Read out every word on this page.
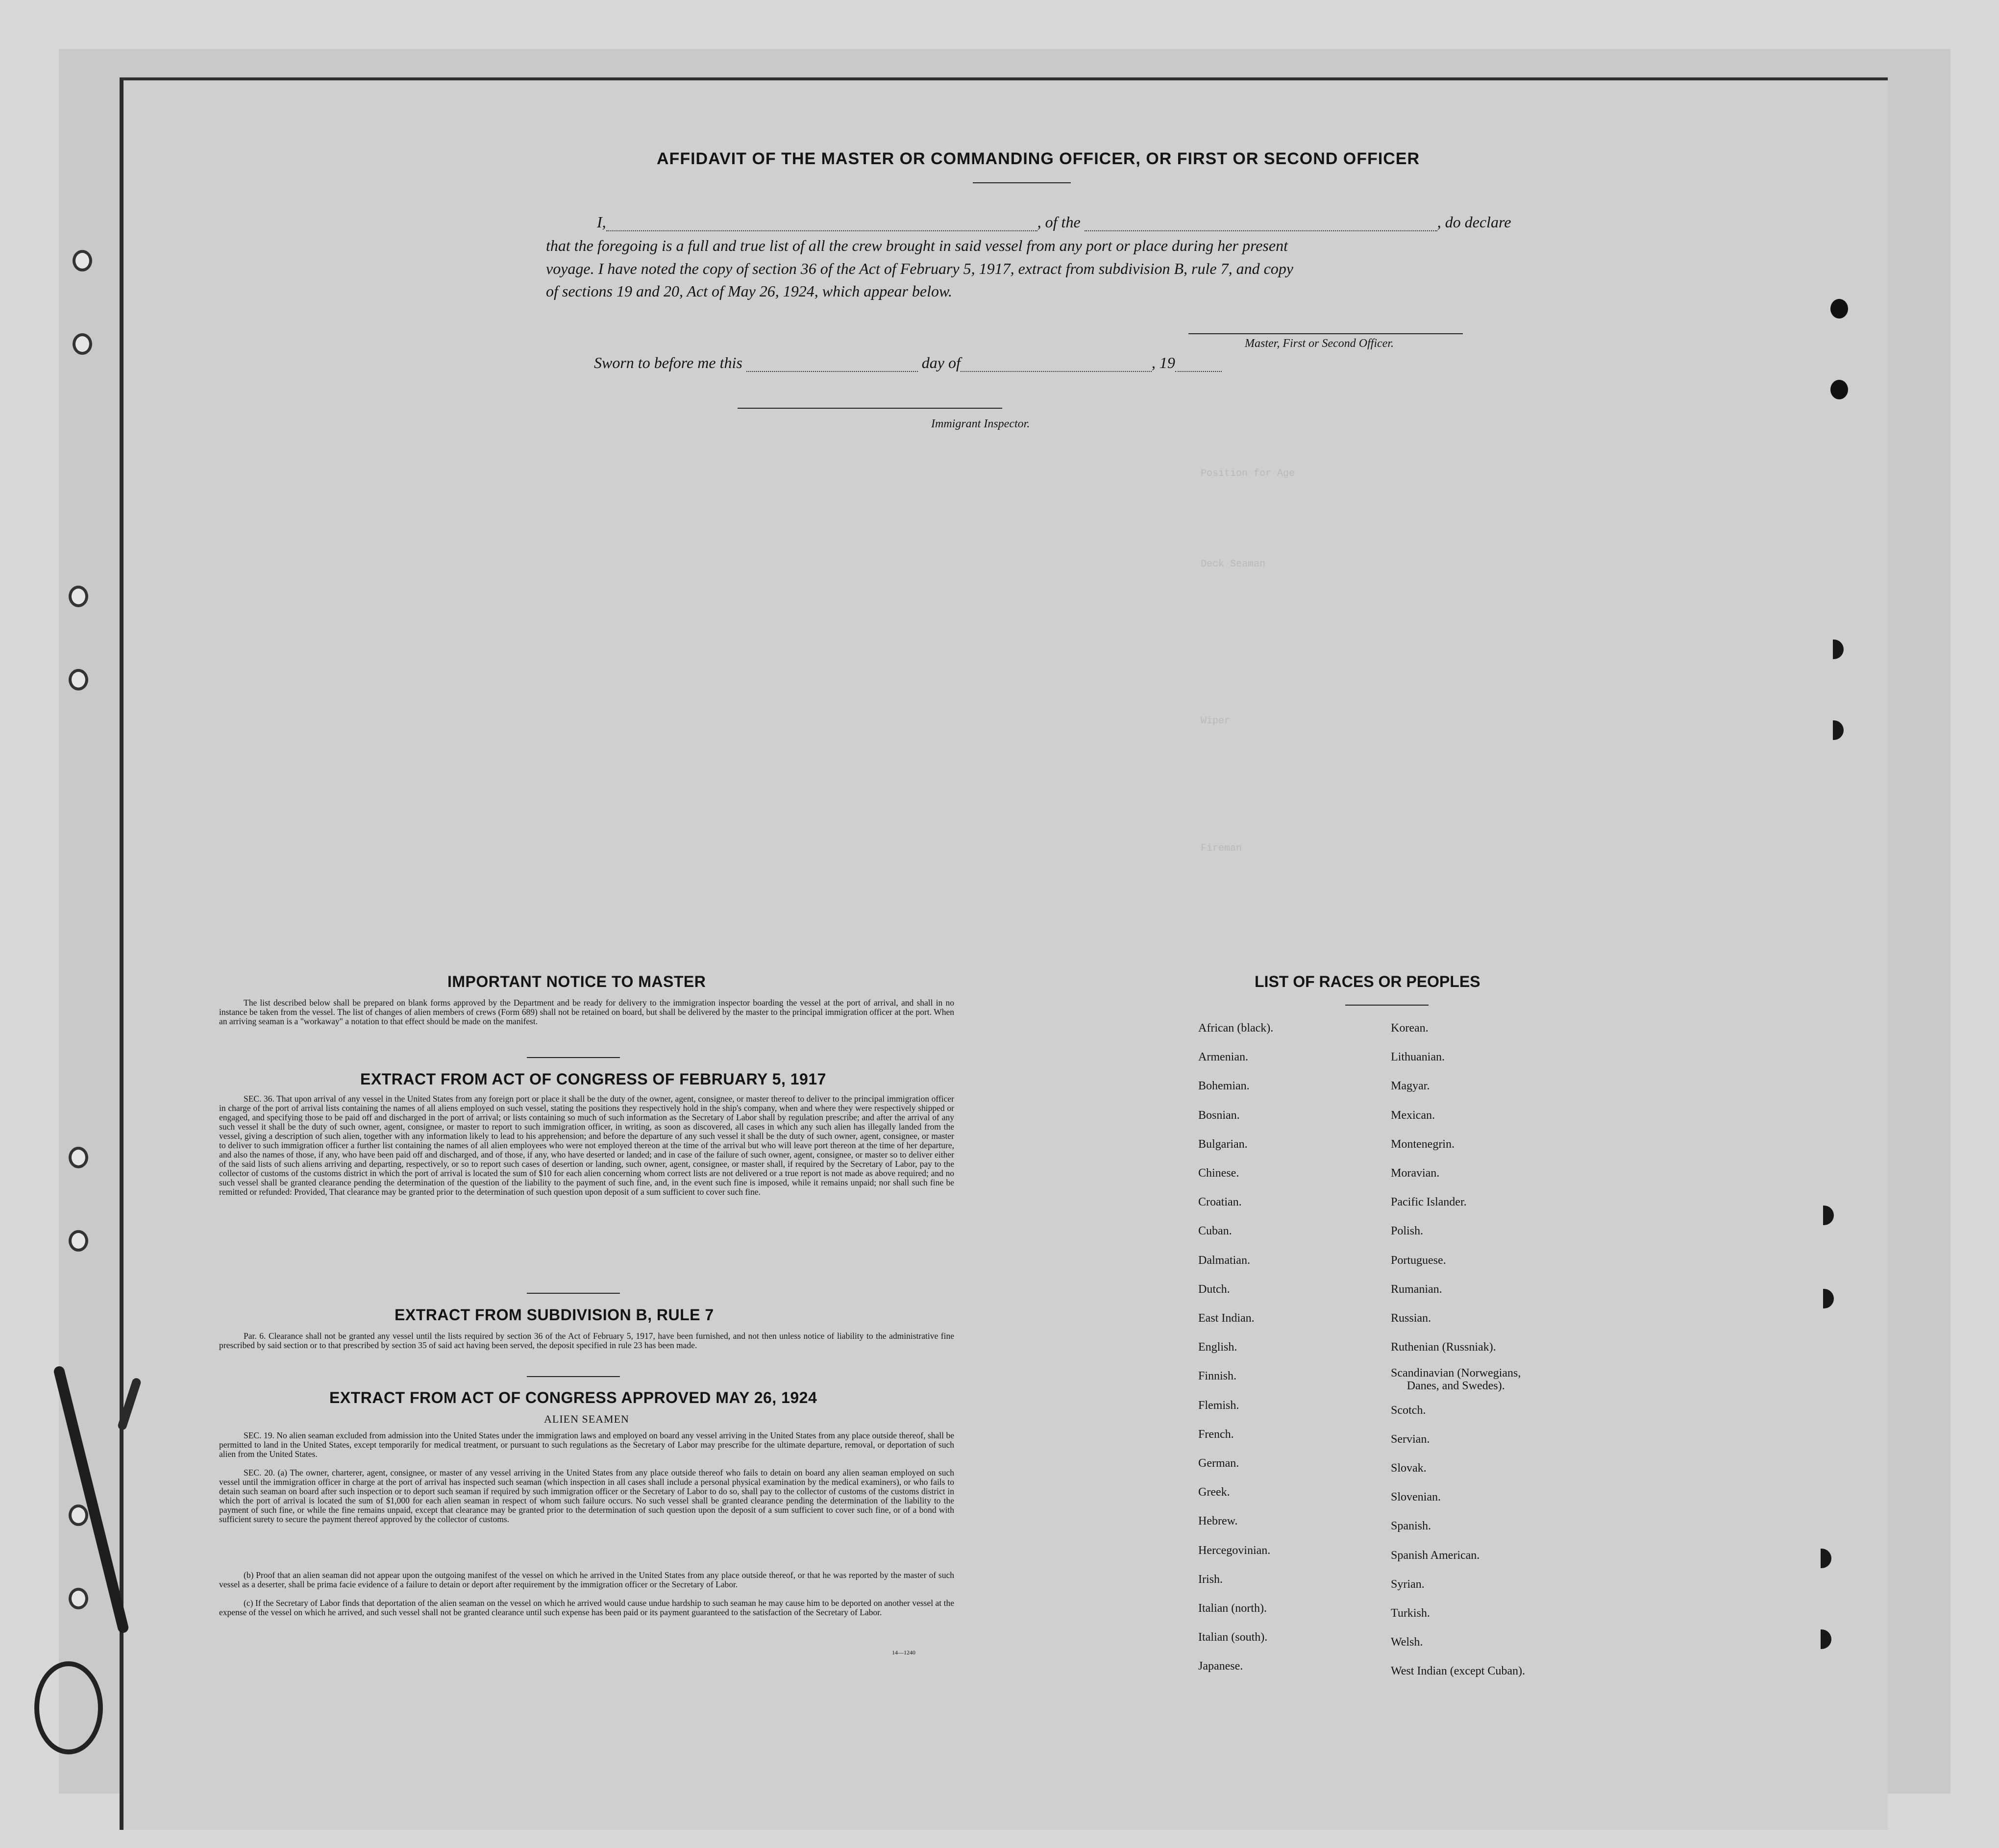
AFFIDAVIT OF THE MASTER OR COMMANDING OFFICER, OR FIRST OR SECOND OFFICER
I,	, of the	, do declare
that the foregoing is a full and true list of all the crew brought in said vessel from any port or place during her present
voyage. I have noted the copy of section 36 of the Act of February 5, 1917, extract from subdivision B, rule 7, and copy
of sections 19 and 20, Act of May 26, 1924, which appear below.
Master, First or Second Officer.
Sworn to before me this	day of	, 19
Immigrant Inspector.
Position for Age
Deck Seaman
Wiper
Fireman
IMPORTANT NOTICE TO MASTER
The list described below shall be prepared on blank forms approved by the Department and be ready for delivery to the immigration inspector boarding the vessel at the port of arrival, and shall in no instance be taken from the vessel. The list of changes of alien members of crews (Form 689) shall not be retained on board, but shall be delivered by the master to the principal immigration officer at the port. When an arriving seaman is a "workaway" a notation to that effect should be made on the manifest.
EXTRACT FROM ACT OF CONGRESS OF FEBRUARY 5, 1917
SEC. 36. That upon arrival of any vessel in the United States from any foreign port or place it shall be the duty of the owner, agent, consignee, or master thereof to deliver to the principal immigration officer in charge of the port of arrival lists containing the names of all aliens employed on such vessel, stating the positions they respectively hold in the ship's company, when and where they were respectively shipped or engaged, and specifying those to be paid off and discharged in the port of arrival; or lists containing so much of such information as the Secretary of Labor shall by regulation prescribe; and after the arrival of any such vessel it shall be the duty of such owner, agent, consignee, or master to report to such immigration officer, in writing, as soon as discovered, all cases in which any such alien has illegally landed from the vessel, giving a description of such alien, together with any information likely to lead to his apprehension; and before the departure of any such vessel it shall be the duty of such owner, agent, consignee, or master to deliver to such immigration officer a further list containing the names of all alien employees who were not employed thereon at the time of the arrival but who will leave port thereon at the time of her departure, and also the names of those, if any, who have been paid off and discharged, and of those, if any, who have deserted or landed; and in case of the failure of such owner, agent, consignee, or master so to deliver either of the said lists of such aliens arriving and departing, respectively, or so to report such cases of desertion or landing, such owner, agent, consignee, or master shall, if required by the Secretary of Labor, pay to the collector of customs of the customs district in which the port of arrival is located the sum of $10 for each alien concerning whom correct lists are not delivered or a true report is not made as above required; and no such vessel shall be granted clearance pending the determination of the question of the liability to the payment of such fine, and, in the event such fine is imposed, while it remains unpaid; nor shall such fine be remitted or refunded: Provided, That clearance may be granted prior to the determination of such question upon deposit of a sum sufficient to cover such fine.
EXTRACT FROM SUBDIVISION B, RULE 7
Par. 6. Clearance shall not be granted any vessel until the lists required by section 36 of the Act of February 5, 1917, have been furnished, and not then unless notice of liability to the administrative fine prescribed by said section or to that prescribed by section 35 of said act having been served, the deposit specified in rule 23 has been made.
EXTRACT FROM ACT OF CONGRESS APPROVED MAY 26, 1924
ALIEN SEAMEN
SEC. 19. No alien seaman excluded from admission into the United States under the immigration laws and employed on board any vessel arriving in the United States from any place outside thereof, shall be permitted to land in the United States, except temporarily for medical treatment, or pursuant to such regulations as the Secretary of Labor may prescribe for the ultimate departure, removal, or deportation of such alien from the United States.
SEC. 20. (a) The owner, charterer, agent, consignee, or master of any vessel arriving in the United States from any place outside thereof who fails to detain on board any alien seaman employed on such vessel until the immigration officer in charge at the port of arrival has inspected such seaman (which inspection in all cases shall include a personal physical examination by the medical examiners), or who fails to detain such seaman on board after such inspection or to deport such seaman if required by such immigration officer or the Secretary of Labor to do so, shall pay to the collector of customs of the customs district in which the port of arrival is located the sum of $1,000 for each alien seaman in respect of whom such failure occurs. No such vessel shall be granted clearance pending the determination of the liability to the payment of such fine, or while the fine remains unpaid, except that clearance may be granted prior to the determination of such question upon the deposit of a sum sufficient to cover such fine, or of a bond with sufficient surety to secure the payment thereof approved by the collector of customs.
(b) Proof that an alien seaman did not appear upon the outgoing manifest of the vessel on which he arrived in the United States from any place outside thereof, or that he was reported by the master of such vessel as a deserter, shall be prima facie evidence of a failure to detain or deport after requirement by the immigration officer or the Secretary of Labor.
(c) If the Secretary of Labor finds that deportation of the alien seaman on the vessel on which he arrived would cause undue hardship to such seaman he may cause him to be deported on another vessel at the expense of the vessel on which he arrived, and such vessel shall not be granted clearance until such expense has been paid or its payment guaranteed to the satisfaction of the Secretary of Labor.
14—1240
LIST OF RACES OR PEOPLES
African (black).
Armenian.
Bohemian.
Bosnian.
Bulgarian.
Chinese.
Croatian.
Cuban.
Dalmatian.
Dutch.
East Indian.
English.
Finnish.
Flemish.
French.
German.
Greek.
Hebrew.
Hercegovinian.
Irish.
Italian (north).
Italian (south).
Japanese.
Korean.
Lithuanian.
Magyar.
Mexican.
Montenegrin.
Moravian.
Pacific Islander.
Polish.
Portuguese.
Rumanian.
Russian.
Ruthenian (Russniak).
Scandinavian (Norwegians,
Danes, and Swedes).
Scotch.
Servian.
Slovak.
Slovenian.
Spanish.
Spanish American.
Syrian.
Turkish.
Welsh.
West Indian (except Cuban).
